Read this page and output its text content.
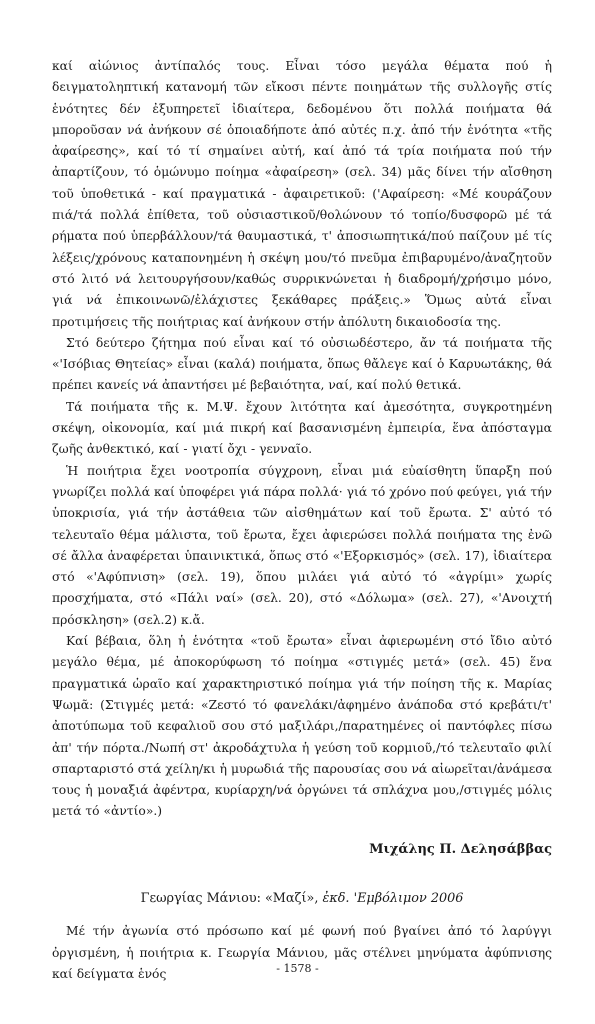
καί αἰώνιος ἀντίπαλός τους. Εἶναι τόσο μεγάλα θέματα πού ἡ δειγματοληπτική κατανομή τῶν εἴκοσι πέντε ποιημάτων τῆς συλλογῆς στίς ἑνότητες δέν ἐξυπηρετεῖ ἰδιαίτερα, δεδομένου ὅτι πολλά ποιήματα θά μποροῦσαν νά ἀνήκουν σέ ὁποιαδήποτε ἀπό αὐτές π.χ. ἀπό τήν ἑνότητα «τῆς ἀφαίρεσης», καί τό τί σημαίνει αὐτή, καί ἀπό τά τρία ποιήματα πού τήν ἀπαρτίζουν, τό ὁμώνυμο ποίημα «ἀφαίρεση» (σελ. 34) μᾶς δίνει τήν αἴσθηση τοῦ ὑποθετικά - καί πραγματικά - ἀφαιρετικοῦ: ('Αφαίρεση: «Μέ κουράζουν πιά/τά πολλά ἐπίθετα, τοῦ οὐσιαστικοῦ/θολώνουν τό τοπίο/δυσφορῶ μέ τά ρήματα πού ὑπερβάλλουν/τά θαυμαστικά, τ' ἀποσιωπητικά/πού παίζουν μέ τίς λέξεις/χρόνους καταπονημένη ἡ σκέψη μου/τό πνεῦμα ἐπιβαρυμένο/ἀναζητοῦν στό λιτό νά λειτουργήσουν/καθώς συρρικνώνεται ἡ διαδρομή/χρήσιμο μόνο, γιά νά ἐπικοινωνῶ/ἐλάχιστες ξεκάθαρες πράξεις.» Ὅμως αὐτά εἶναι προτιμήσεις τῆς ποιήτριας καί ἀνήκουν στήν ἀπόλυτη δικαιοδοσία της.

Στό δεύτερο ζήτημα πού εἶναι καί τό οὐσιωδέστερο, ἄν τά ποιήματα τῆς «'Ισόβιας Θητείας» εἶναι (καλά) ποιήματα, ὅπως θἄλεγε καί ὁ Καρυωτάκης, θά πρέπει κανείς νά ἀπαντήσει μέ βεβαιότητα, ναί, καί πολύ θετικά.

Τά ποιήματα τῆς κ. Μ.Ψ. ἔχουν λιτότητα καί ἀμεσότητα, συγκροτημένη σκέψη, οἰκονομία, καί μιά πικρή καί βασανισμένη ἐμπειρία, ἕνα ἀπόσταγμα ζωῆς ἀνθεκτικό, καί - γιατί ὄχι - γενναῖο.

Ἡ ποιήτρια ἔχει νοοτροπία σύγχρονη, εἶναι μιά εὐαίσθητη ὕπαρξη πού γνωρίζει πολλά καί ὑποφέρει γιά πάρα πολλά· γιά τό χρόνο πού φεύγει, γιά τήν ὑποκρισία, γιά τήν ἀστάθεια τῶν αἰσθημάτων καί τοῦ ἔρωτα. Σ' αὐτό τό τελευταῖο θέμα μάλιστα, τοῦ ἔρωτα, ἔχει ἀφιερώσει πολλά ποιήματα της ἐνῶ σέ ἄλλα ἀναφέρεται ὑπαινικτικά, ὅπως στό «'Εξορκισμός» (σελ. 17), ἰδιαίτερα στό «'Αφύπνιση» (σελ. 19), ὅπου μιλάει γιά αὐτό τό «ἀγρίμι» χωρίς προσχήματα, στό «Πάλι ναί» (σελ. 20), στό «Δόλωμα» (σελ. 27), «'Ανοιχτή πρόσκληση» (σελ.2) κ.ἄ.

Καί βέβαια, ὅλη ἡ ἑνότητα «τοῦ ἔρωτα» εἶναι ἀφιερωμένη στό ἴδιο αὐτό μεγάλο θέμα, μέ ἀποκορύφωση τό ποίημα «στιγμές μετά» (σελ. 45) ἕνα πραγματικά ὡραῖο καί χαρακτηριστικό ποίημα γιά τήν ποίηση τῆς κ. Μαρίας Ψωμᾶ: (Στιγμές μετά: «Ζεστό τό φανελάκι/ἀφημένο ἀνάποδα στό κρεβάτι/τ' ἀποτύπωμα τοῦ κεφαλιοῦ σου στό μαξιλάρι,/παρατημένες οἱ παντόφλες πίσω ἀπ' τήν πόρτα./Νωπή στ' ἀκροδάχτυλα ἡ γεύση τοῦ κορμιοῦ,/τό τελευταῖο φιλί σπαρταριστό στά χείλη/κι ἡ μυρωδιά τῆς παρουσίας σου νά αἰωρεῖται/ἀνάμεσα τους ἡ μοναξιά ἀφέντρα, κυρίαρχη/νά ὀργώνει τά σπλάχνα μου,/στιγμές μόλις μετά τό «ἀντίο».)

Μιχάλης Π. Δελησάββας

Γεωργίας Μάνιου: «Μαζί», ἐκδ. 'Εμβόλιμον 2006

Μέ τήν ἀγωνία στό πρόσωπο καί μέ φωνή πού βγαίνει ἀπό τό λαρύγγι ὀργισμένη, ἡ ποιήτρια κ. Γεωργία Μάνιου, μᾶς στέλνει μηνύματα ἀφύπνισης καί δείγματα ἑνός	- 1578 -
